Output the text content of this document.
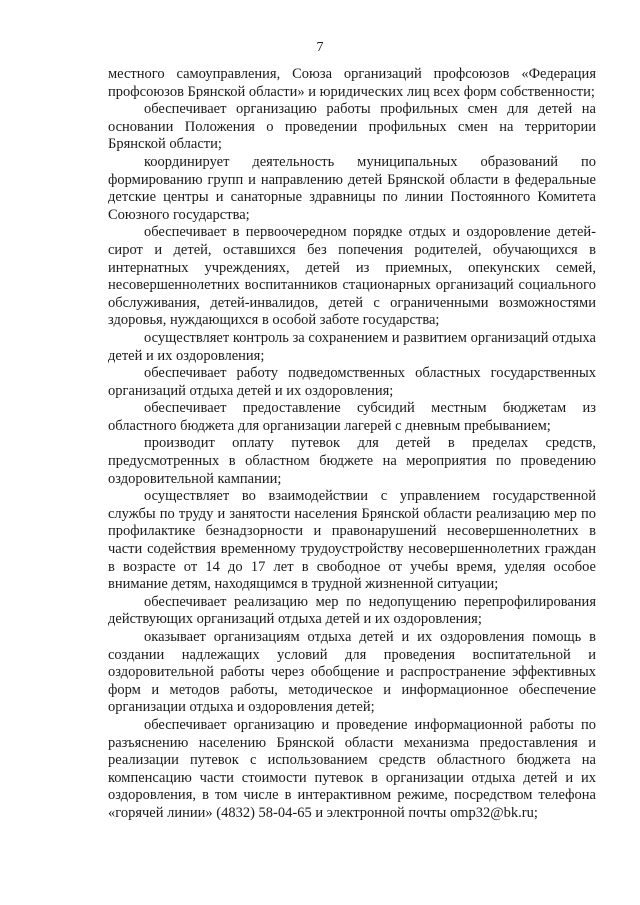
7

местного самоуправления, Союза организаций профсоюзов «Федерация профсоюзов Брянской области» и юридических лиц всех форм собственности;

обеспечивает организацию работы профильных смен для детей на основании Положения о проведении профильных смен на территории Брянской области;

координирует деятельность муниципальных образований по формированию групп и направлению детей Брянской области в федеральные детские центры и санаторные здравницы по линии Постоянного Комитета Союзного государства;

обеспечивает в первоочередном порядке отдых и оздоровление детей-сирот и детей, оставшихся без попечения родителей, обучающихся в интернатных учреждениях, детей из приемных, опекунских семей, несовершеннолетних воспитанников стационарных организаций социального обслуживания, детей-инвалидов, детей с ограниченными возможностями здоровья, нуждающихся в особой заботе государства;

осуществляет контроль за сохранением и развитием организаций отдыха детей и их оздоровления;

обеспечивает работу подведомственных областных государственных организаций отдыха детей и их оздоровления;

обеспечивает предоставление субсидий местным бюджетам из областного бюджета для организации лагерей с дневным пребыванием;

производит оплату путевок для детей в пределах средств, предусмотренных в областном бюджете на мероприятия по проведению оздоровительной кампании;

осуществляет во взаимодействии с управлением государственной службы по труду и занятости населения Брянской области реализацию мер по профилактике безнадзорности и правонарушений несовершеннолетних в части содействия временному трудоустройству несовершеннолетних граждан в возрасте от 14 до 17 лет в свободное от учебы время, уделяя особое внимание детям, находящимся в трудной жизненной ситуации;

обеспечивает реализацию мер по недопущению перепрофилирования действующих организаций отдыха детей и их оздоровления;

оказывает организациям отдыха детей и их оздоровления помощь в создании надлежащих условий для проведения воспитательной и оздоровительной работы через обобщение и распространение эффективных форм и методов работы, методическое и информационное обеспечение организации отдыха и оздоровления детей;

обеспечивает организацию и проведение информационной работы по разъяснению населению Брянской области механизма предоставления и реализации путевок с использованием средств областного бюджета на компенсацию части стоимости путевок в организации отдыха детей и их оздоровления, в том числе в интерактивном режиме, посредством телефона «горячей линии» (4832) 58-04-65 и электронной почты omp32@bk.ru;
